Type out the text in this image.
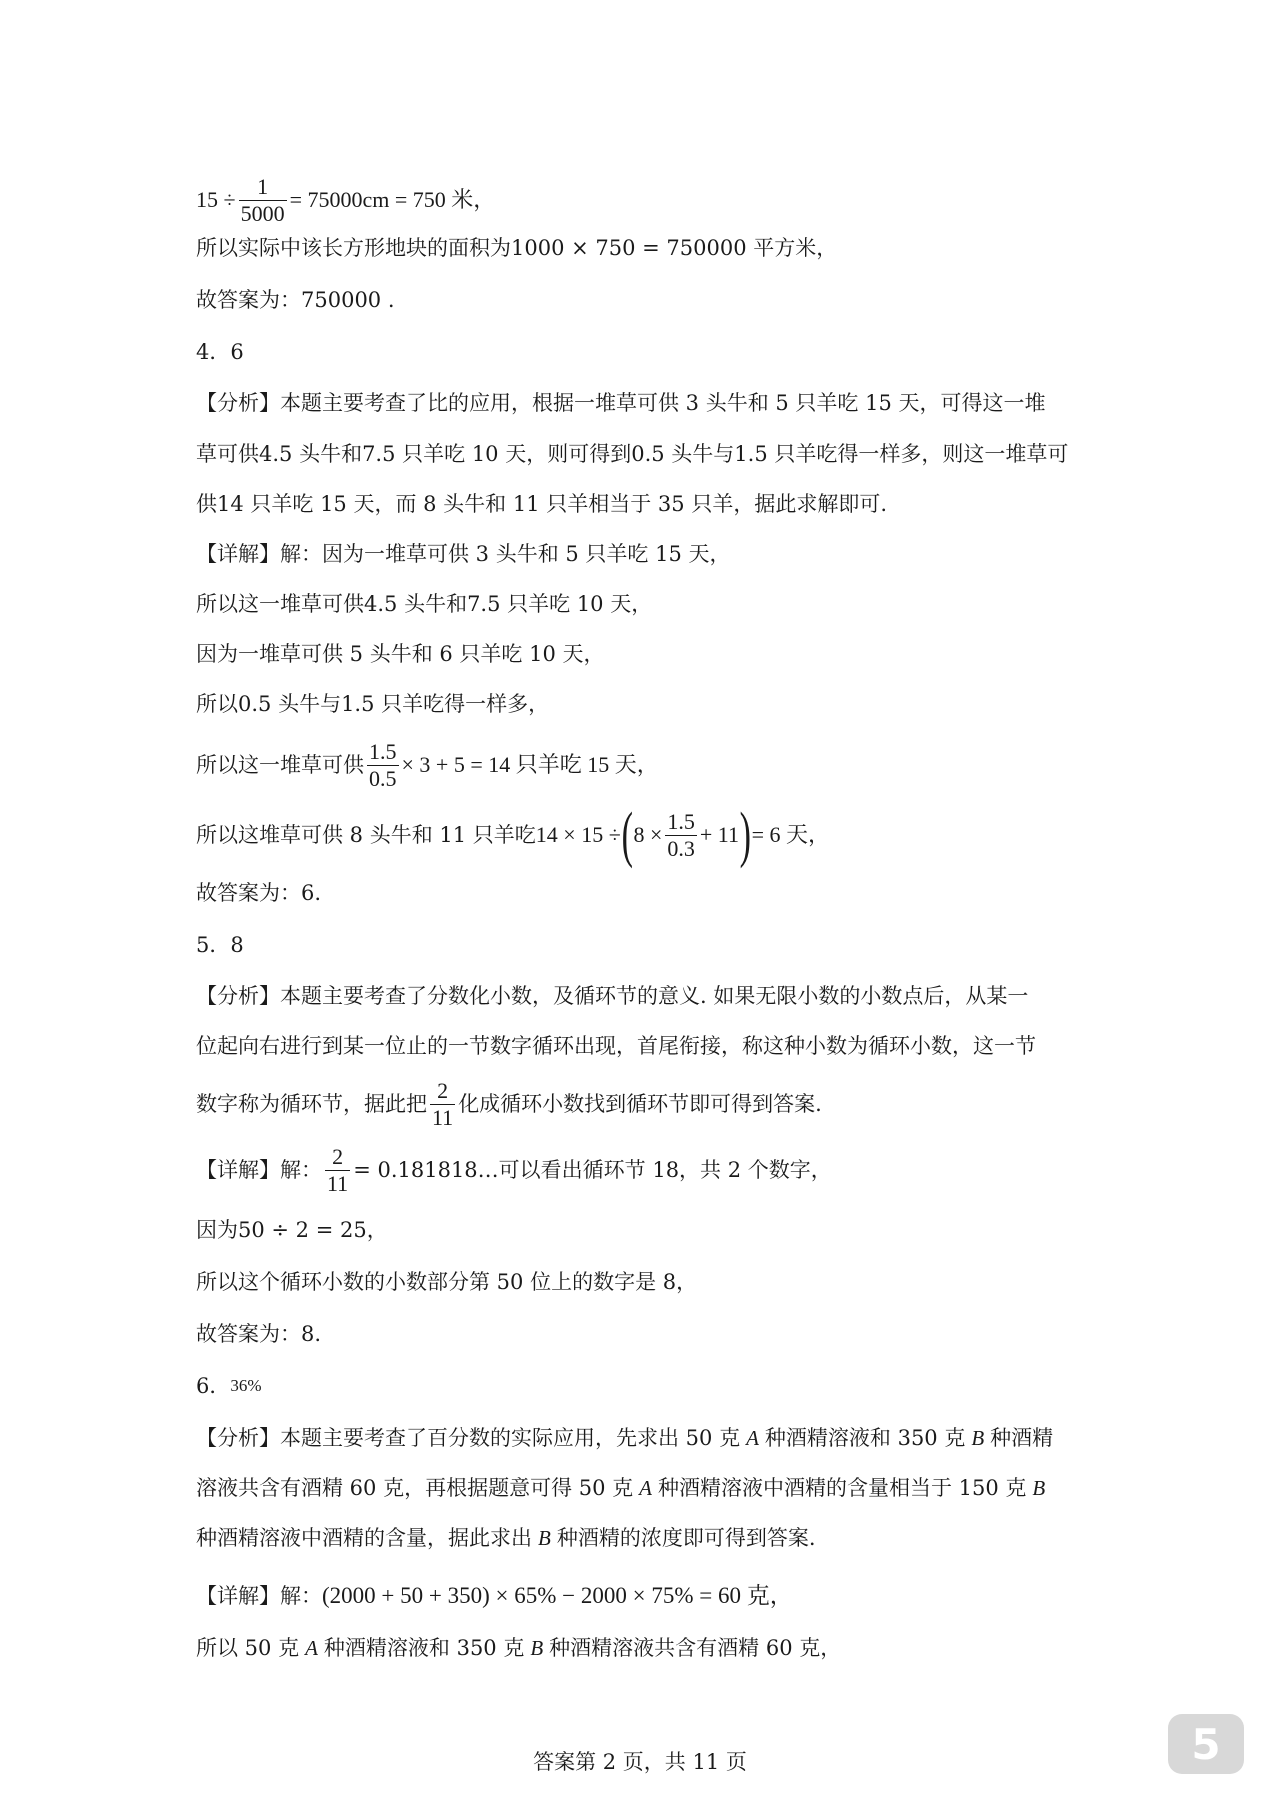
$15 \div \frac{1}{5000} = 75000cm = 750$ 米，
所以实际中该长方形地块的面积为1000 × 750 = 750000 平方米，
故答案为：750000 .
4．6
【分析】本题主要考查了比的应用，根据一堆草可供 3 头牛和 5 只羊吃 15 天，可得这一堆
草可供4.5 头牛和7.5 只羊吃 10 天，则可得到0.5 头牛与1.5 只羊吃得一样多，则这一堆草可
供14 只羊吃 15 天，而 8 头牛和 11 只羊相当于 35 只羊，据此求解即可.
【详解】解：因为一堆草可供 3 头牛和 5 只羊吃 15 天，
所以这一堆草可供4.5 头牛和7.5 只羊吃 10 天，
因为一堆草可供 5 头牛和 6 只羊吃 10 天，
所以0.5 头牛与1.5 只羊吃得一样多，
所以这一堆草可供 $\frac{1.5}{0.5} \times 3 + 5 = 14$ 只羊吃 15 天，
所以这堆草可供 8 头牛和 11 只羊吃 14 × 15 ÷ ( $8 \times \frac{1.5}{0.3} + 11$ ) = 6 天，
故答案为：6.
5．8
【分析】本题主要考查了分数化小数，及循环节的意义. 如果无限小数的小数点后，从某一
位起向右进行到某一位止的一节数字循环出现，首尾衔接，称这种小数为循环小数，这一节
数字称为循环节，据此把 $\frac{2}{11}$ 化成循环小数找到循环节即可得到答案.
【详解】解： $\frac{2}{11}$ = 0.181818…可以看出循环节 18，共 2 个数字，
因为50 ÷ 2 = 25，
所以这个循环小数的小数部分第 50 位上的数字是 8，
故答案为：8.
6． 36%
【分析】本题主要考查了百分数的实际应用，先求出 50 克 A 种酒精溶液和 350 克 B 种酒精
溶液共含有酒精 60 克，再根据题意可得 50 克 A 种酒精溶液中酒精的含量相当于 150 克 B
种酒精溶液中酒精的含量，据此求出 B 种酒精的浓度即可得到答案.
【详解】解： (2000 + 50 + 350) × 65% − 2000 × 75% = 60 克，
所以 50 克 A 种酒精溶液和 350 克 B 种酒精溶液共含有酒精 60 克，
答案第 2 页，共 11 页	5
